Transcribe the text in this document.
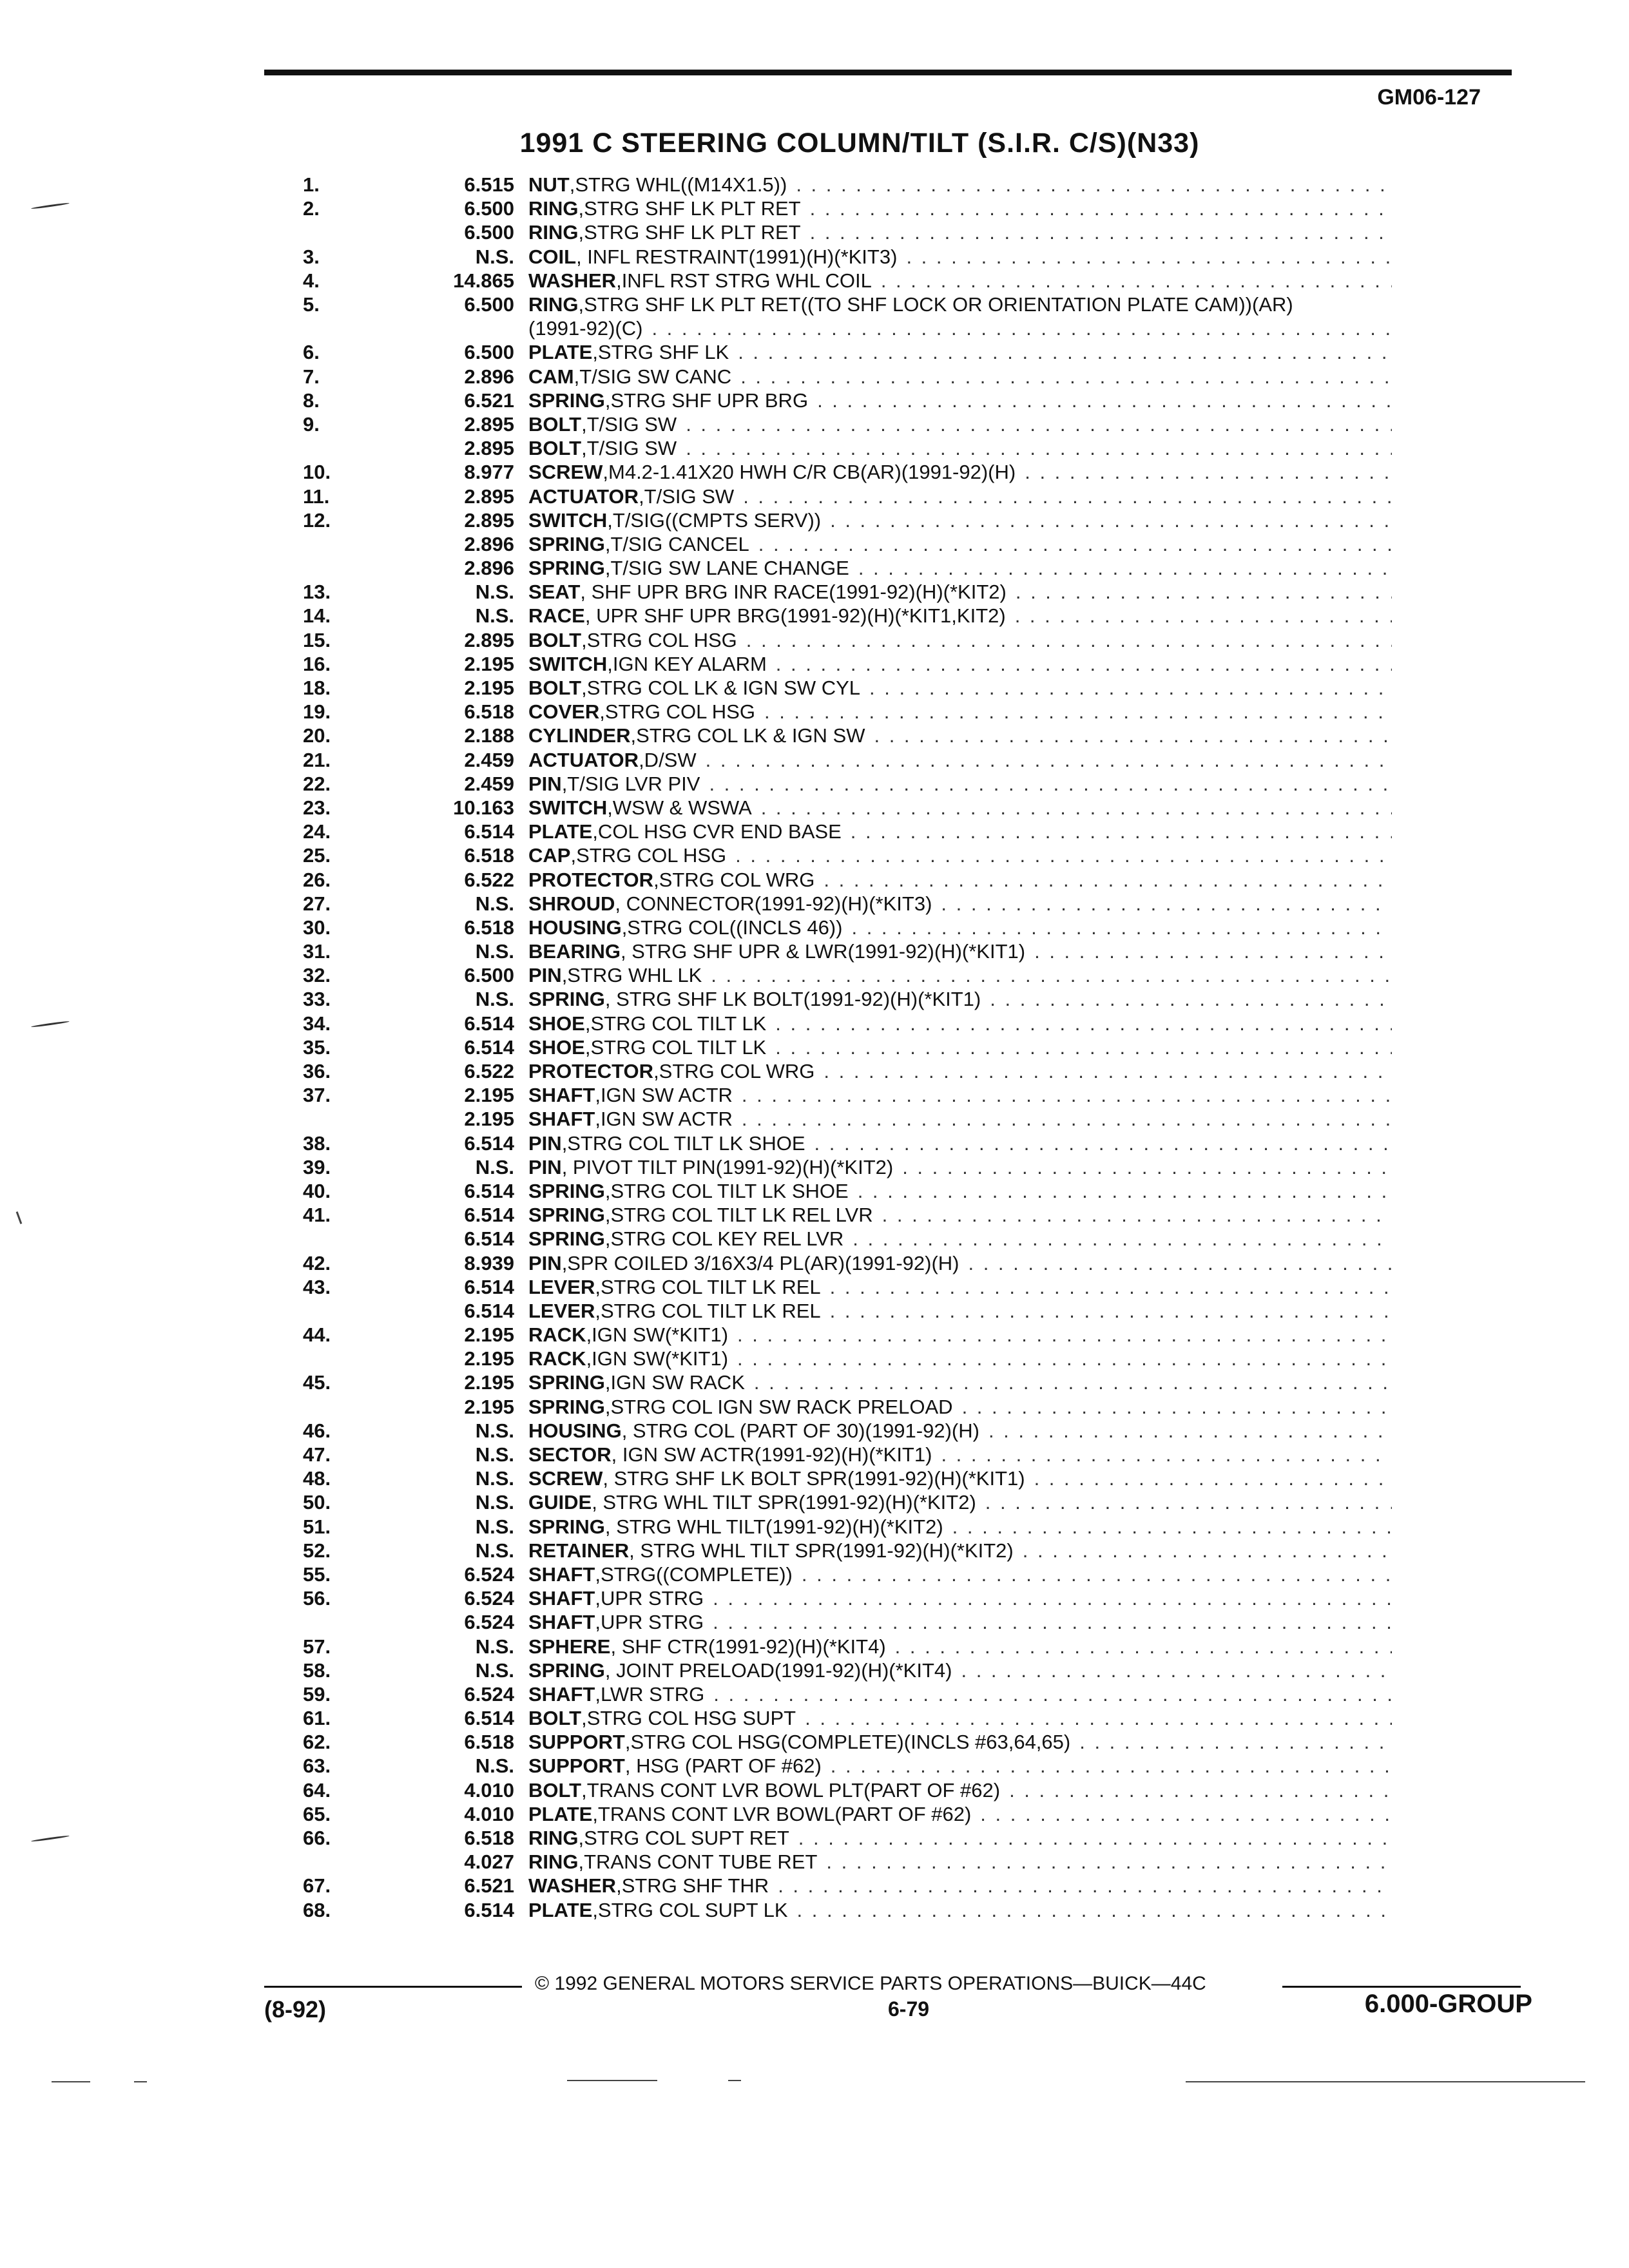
GM06-127
1991 C STEERING COLUMN/TILT (S.I.R. C/S)(N33)
1.	6.515 NUT ,STRG WHL((M14X1.5))
. . .
2.	6.500 RING ,STRG SHF LK PLT RET
. . .
6.500 RING ,STRG SHF LK PLT RET
. . .
3.	N.S. COIL , INFL RESTRAINT(1991)(H)(*KIT3)
. . .
4.	14.865 WASHER ,INFL RST STRG WHL COIL
. . .
5.	6.500 RING ,STRG SHF LK PLT RET((TO SHF LOCK OR ORIENTATION PLATE CAM))(AR)
(1991-92)(C)
. . .
6.	6.500 PLATE ,STRG SHF LK
. . .
7.	2.896 CAM ,T/SIG SW CANC
. . .
8.	6.521 SPRING ,STRG SHF UPR BRG
. . .
9.	2.895 BOLT ,T/SIG SW
. . .
2.895 BOLT ,T/SIG SW
. . .
10.	8.977 SCREW ,M4.2-1.41X20 HWH C/R CB(AR)(1991-92)(H)
. . .
11.	2.895 ACTUATOR ,T/SIG SW
. . .
12.	2.895 SWITCH ,T/SIG((CMPTS SERV))
. . .
2.896 SPRING ,T/SIG CANCEL
. . .
2.896 SPRING ,T/SIG SW LANE CHANGE
. . .
13.	N.S. SEAT , SHF UPR BRG INR RACE(1991-92)(H)(*KIT2)
. . .
14.	N.S. RACE , UPR SHF UPR BRG(1991-92)(H)(*KIT1,KIT2)
. . .
15.	2.895 BOLT ,STRG COL HSG
. . .
16.	2.195 SWITCH ,IGN KEY ALARM
. . .
18.	2.195 BOLT ,STRG COL LK & IGN SW CYL
. . .
19.	6.518 COVER ,STRG COL HSG
. . .
20.	2.188 CYLINDER ,STRG COL LK & IGN SW
. . .
21.	2.459 ACTUATOR ,D/SW
. . .
22.	2.459 PIN ,T/SIG LVR PIV
. . .
23.	10.163 SWITCH ,WSW & WSWA
. . .
24.	6.514 PLATE ,COL HSG CVR END BASE
. . .
25.	6.518 CAP ,STRG COL HSG
. . .
26.	6.522 PROTECTOR ,STRG COL WRG
. . .
27.	N.S. SHROUD , CONNECTOR(1991-92)(H)(*KIT3)
. . .
30.	6.518 HOUSING ,STRG COL((INCLS 46))
. . .
31.	N.S. BEARING , STRG SHF UPR & LWR(1991-92)(H)(*KIT1)
. . .
32.	6.500 PIN ,STRG WHL LK
. . .
33.	N.S. SPRING , STRG SHF LK BOLT(1991-92)(H)(*KIT1)
. . .
34.	6.514 SHOE ,STRG COL TILT LK
. . .
35.	6.514 SHOE ,STRG COL TILT LK
. . .
36.	6.522 PROTECTOR ,STRG COL WRG
. . .
37.	2.195 SHAFT ,IGN SW ACTR
. . .
2.195 SHAFT ,IGN SW ACTR
. . .
38.	6.514 PIN ,STRG COL TILT LK SHOE
. . .
39.	N.S. PIN , PIVOT TILT PIN(1991-92)(H)(*KIT2)
. . .
40.	6.514 SPRING ,STRG COL TILT LK SHOE
. . .
41.	6.514 SPRING ,STRG COL TILT LK REL LVR
. . .
6.514 SPRING ,STRG COL KEY REL LVR
. . .
42.	8.939 PIN ,SPR COILED 3/16X3/4 PL(AR)(1991-92)(H)
. . .
43.	6.514 LEVER ,STRG COL TILT LK REL
. . .
6.514 LEVER ,STRG COL TILT LK REL
. . .
44.	2.195 RACK ,IGN SW(*KIT1)
. . .
2.195 RACK ,IGN SW(*KIT1)
. . .
45.	2.195 SPRING ,IGN SW RACK
. . .
2.195 SPRING ,STRG COL IGN SW RACK PRELOAD
. . .
46.	N.S. HOUSING , STRG COL (PART OF 30)(1991-92)(H)
. . .
47.	N.S. SECTOR , IGN SW ACTR(1991-92)(H)(*KIT1)
. . .
48.	N.S. SCREW , STRG SHF LK BOLT SPR(1991-92)(H)(*KIT1)
. . .
50.	N.S. GUIDE , STRG WHL TILT SPR(1991-92)(H)(*KIT2)
. . .
51.	N.S. SPRING , STRG WHL TILT(1991-92)(H)(*KIT2)
. . .
52.	N.S. RETAINER , STRG WHL TILT SPR(1991-92)(H)(*KIT2)
. . .
55.	6.524 SHAFT ,STRG((COMPLETE))
. . .
56.	6.524 SHAFT ,UPR STRG
. . .
6.524 SHAFT ,UPR STRG
. . .
57.	N.S. SPHERE , SHF CTR(1991-92)(H)(*KIT4)
. . .
58.	N.S. SPRING , JOINT PRELOAD(1991-92)(H)(*KIT4)
. . .
59.	6.524 SHAFT ,LWR STRG
. . .
61.	6.514 BOLT ,STRG COL HSG SUPT
. . .
62.	6.518 SUPPORT ,STRG COL HSG(COMPLETE)(INCLS #63,64,65)
. . .
63.	N.S. SUPPORT , HSG (PART OF #62)
. . .
64.	4.010 BOLT ,TRANS CONT LVR BOWL PLT(PART OF #62)
. . .
65.	4.010 PLATE ,TRANS CONT LVR BOWL(PART OF #62)
. . .
66.	6.518 RING ,STRG COL SUPT RET
. . .
4.027 RING ,TRANS CONT TUBE RET
. . .
67.	6.521 WASHER ,STRG SHF THR
. . .
68.	6.514 PLATE ,STRG COL SUPT LK
. . .
© 1992 GENERAL MOTORS SERVICE PARTS OPERATIONS—BUICK—44C
(8-92)	6-79	6.000-GROUP
